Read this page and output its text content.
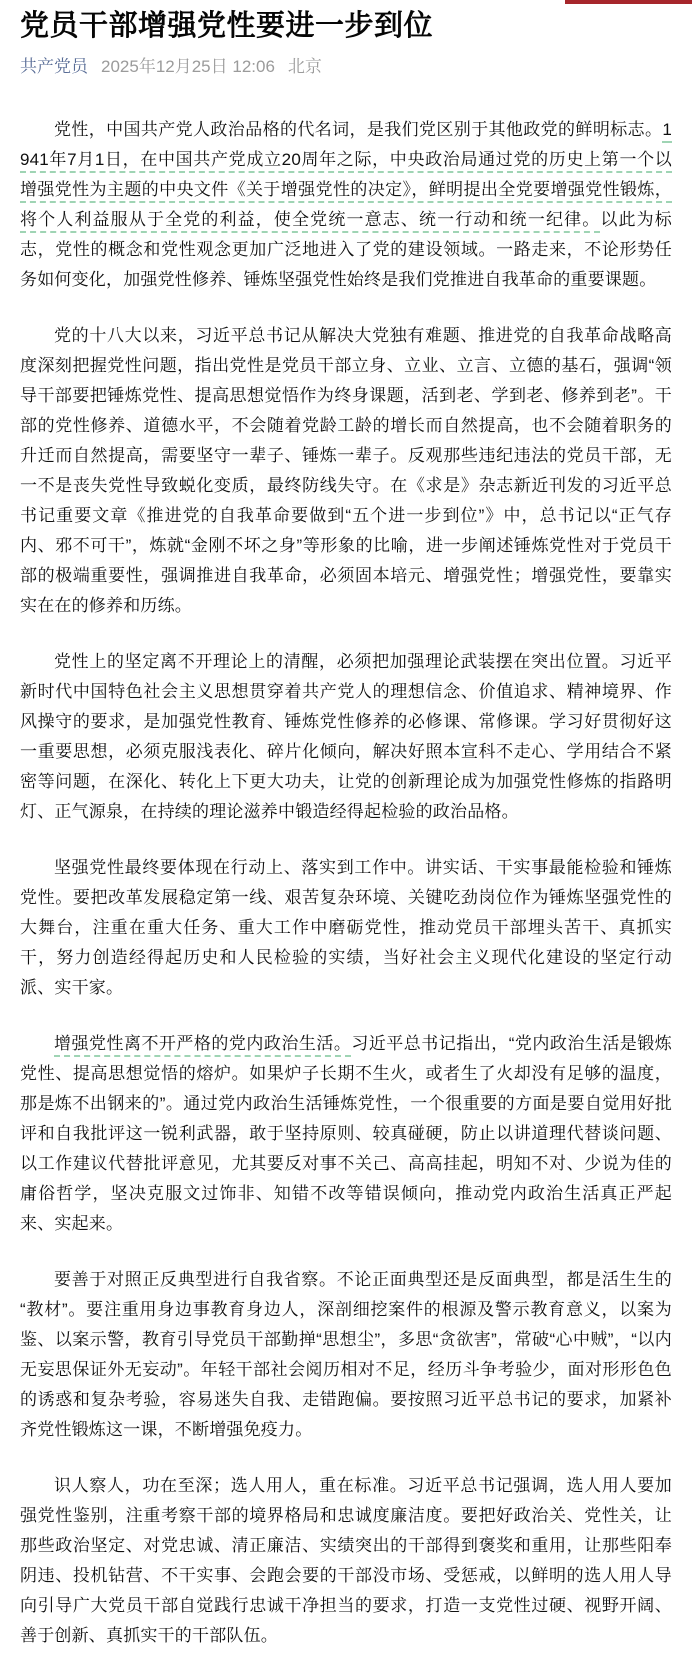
党员干部增强党性要进一步到位
共产党员 2025年12月25日 12:06 北京

党性，中国共产党人政治品格的代名词，是我们党区别于其他政党的鲜明标志。1941年7月1日，在中国共产党成立20周年之际，中央政治局通过党的历史上第一个以增强党性为主题的中央文件《关于增强党性的决定》，鲜明提出全党要增强党性锻炼，将个人利益服从于全党的利益，使全党统一意志、统一行动和统一纪律。以此为标志，党性的概念和党性观念更加广泛地进入了党的建设领域。一路走来，不论形势任务如何变化，加强党性修养、锤炼坚强党性始终是我们党推进自我革命的重要课题。

党的十八大以来，习近平总书记从解决大党独有难题、推进党的自我革命战略高度深刻把握党性问题，指出党性是党员干部立身、立业、立言、立德的基石，强调“领导干部要把锤炼党性、提高思想觉悟作为终身课题，活到老、学到老、修养到老”。干部的党性修养、道德水平，不会随着党龄工龄的增长而自然提高，也不会随着职务的升迁而自然提高，需要坚守一辈子、锤炼一辈子。反观那些违纪违法的党员干部，无一不是丧失党性导致蜕化变质，最终防线失守。在《求是》杂志新近刊发的习近平总书记重要文章《推进党的自我革命要做到“五个进一步到位”》中，总书记以“正气存内、邪不可干”，炼就“金刚不坏之身”等形象的比喻，进一步阐述锤炼党性对于党员干部的极端重要性，强调推进自我革命，必须固本培元、增强党性；增强党性，要靠实实在在的修养和历练。

党性上的坚定离不开理论上的清醒，必须把加强理论武装摆在突出位置。习近平新时代中国特色社会主义思想贯穿着共产党人的理想信念、价值追求、精神境界、作风操守的要求，是加强党性教育、锤炼党性修养的必修课、常修课。学习好贯彻好这一重要思想，必须克服浅表化、碎片化倾向，解决好照本宣科不走心、学用结合不紧密等问题，在深化、转化上下更大功夫，让党的创新理论成为加强党性修炼的指路明灯、正气源泉，在持续的理论滋养中锻造经得起检验的政治品格。

坚强党性最终要体现在行动上、落实到工作中。讲实话、干实事最能检验和锤炼党性。要把改革发展稳定第一线、艰苦复杂环境、关键吃劲岗位作为锤炼坚强党性的大舞台，注重在重大任务、重大工作中磨砺党性，推动党员干部埋头苦干、真抓实干，努力创造经得起历史和人民检验的实绩，当好社会主义现代化建设的坚定行动派、实干家。

增强党性离不开严格的党内政治生活。习近平总书记指出，“党内政治生活是锻炼党性、提高思想觉悟的熔炉。如果炉子长期不生火，或者生了火却没有足够的温度，那是炼不出钢来的”。通过党内政治生活锤炼党性，一个很重要的方面是要自觉用好批评和自我批评这一锐利武器，敢于坚持原则、较真碰硬，防止以讲道理代替谈问题、以工作建议代替批评意见，尤其要反对事不关己、高高挂起，明知不对、少说为佳的庸俗哲学，坚决克服文过饰非、知错不改等错误倾向，推动党内政治生活真正严起来、实起来。

要善于对照正反典型进行自我省察。不论正面典型还是反面典型，都是活生生的“教材”。要注重用身边事教育身边人，深剖细挖案件的根源及警示教育意义，以案为鉴、以案示警，教育引导党员干部勤掸“思想尘”，多思“贪欲害”，常破“心中贼”，“以内无妄思保证外无妄动”。年轻干部社会阅历相对不足，经历斗争考验少，面对形形色色的诱惑和复杂考验，容易迷失自我、走错跑偏。要按照习近平总书记的要求，加紧补齐党性锻炼这一课，不断增强免疫力。

识人察人，功在至深；选人用人，重在标准。习近平总书记强调，选人用人要加强党性鉴别，注重考察干部的境界格局和忠诚度廉洁度。要把好政治关、党性关，让那些政治坚定、对党忠诚、清正廉洁、实绩突出的干部得到褒奖和重用，让那些阳奉阴违、投机钻营、不干实事、会跑会要的干部没市场、受惩戒，以鲜明的选人用人导向引导广大党员干部自觉践行忠诚干净担当的要求，打造一支党性过硬、视野开阔、善于创新、真抓实干的干部队伍。
